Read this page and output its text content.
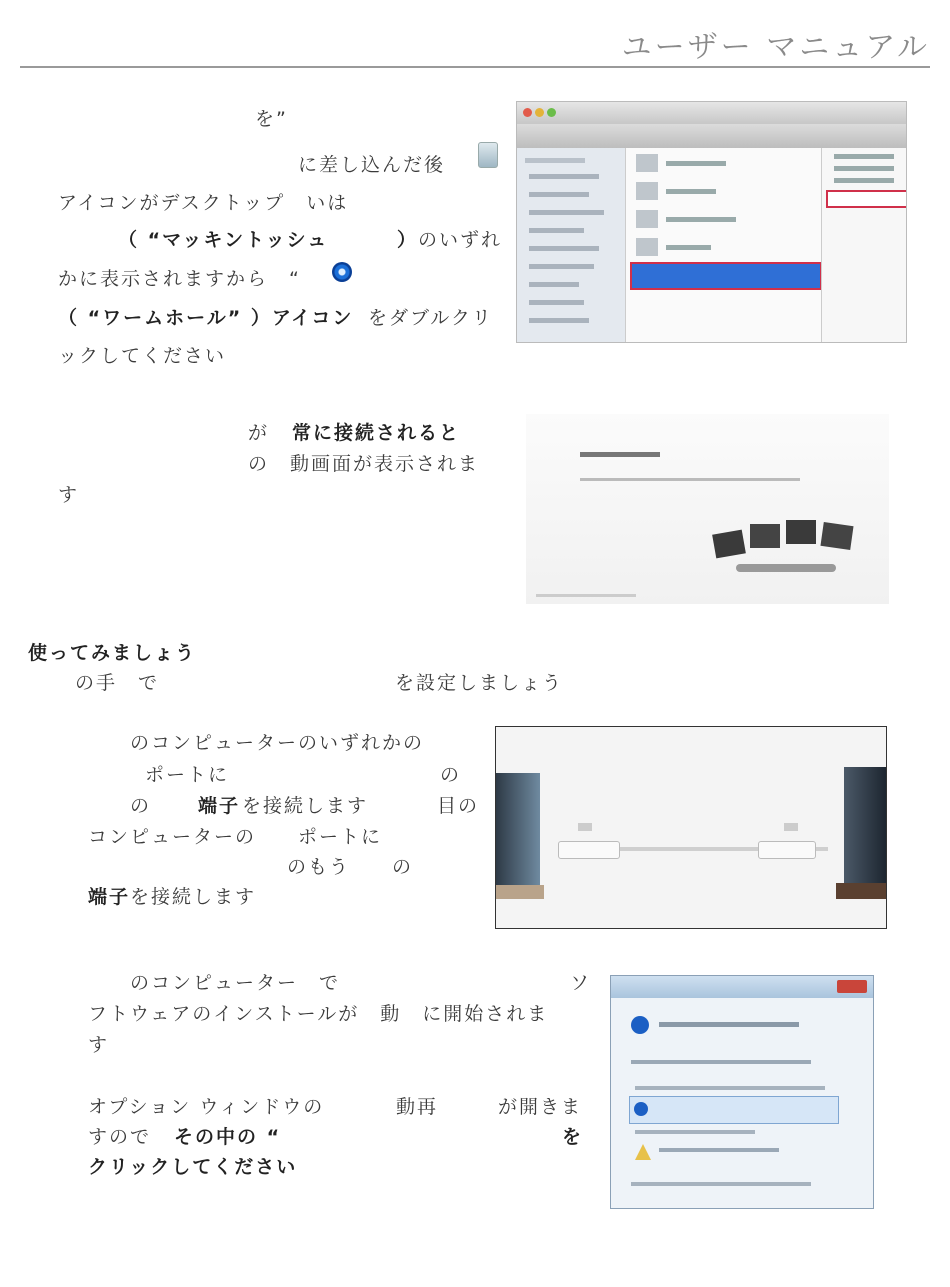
ユーザー マニュアル
を”
に差し込んだ後
アイコンがデスクトップ　いは
（ “マッキントッシュ	） のいずれ
かに表示されますから　“
（ “ワームホール” ）アイコン をダブルクリ
ックしてください
が 常に接続されると
の　動画面が表示されま
す
使ってみましょう
の手　で	を設定しましょう
のコンピューターのいずれかの
ポートに	の
の 端子 を接続します	目の
コンピューターの　　ポートに
のもう　　の
端子 を接続します
のコンピューター　で	ソ
フトウェアのインストールが　動　に開始されま
す
オプション ウィンドウの	動再	が開きま
すので その中の “	を
クリックしてください
